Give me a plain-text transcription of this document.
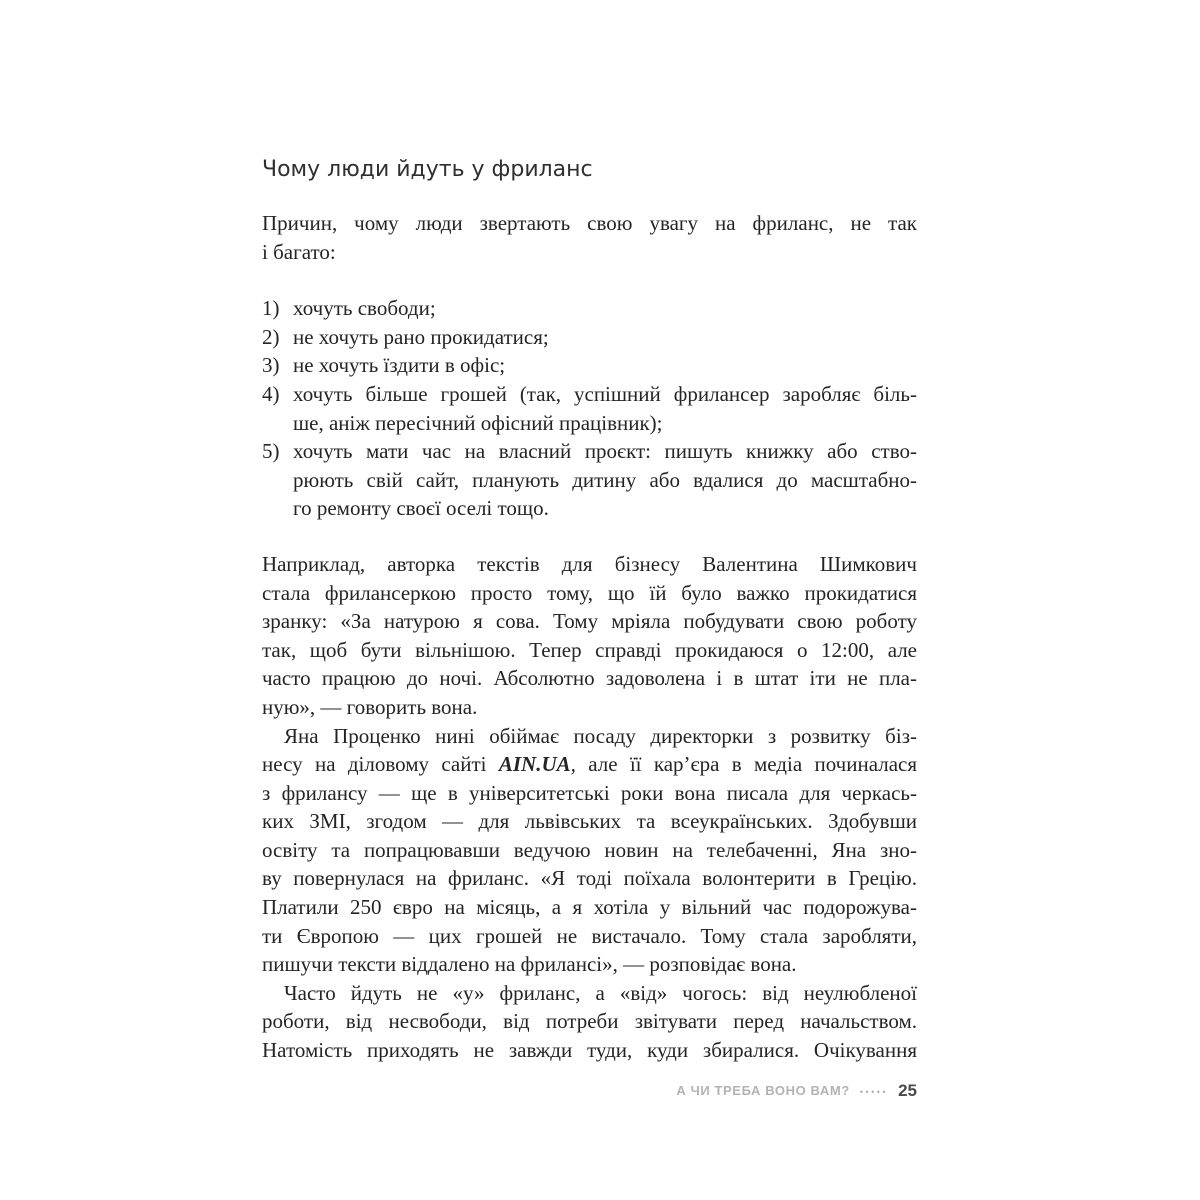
Чому люди йдуть у фриланс
Причин, чому люди звертають свою увагу на фриланс, не так
і багато:
1) хочуть свободи;
2) не хочуть рано прокидатися;
3) не хочуть їздити в офіс;
4) хочуть більше грошей (так, успішний фрилансер заробляє біль-
ше, аніж пересічний офісний працівник);
5) хочуть мати час на власний проєкт: пишуть книжку або ство-
рюють свій сайт, планують дитину або вдалися до масштабно-
го ремонту своєї оселі тощо.
Наприклад, авторка текстів для бізнесу Валентина Шимкович
стала фрилансеркою просто тому, що їй було важко прокидатися
зранку: «За натурою я сова. Тому мріяла побудувати свою роботу
так, щоб бути вільнішою. Тепер справді прокидаюся о 12:00, але
часто працюю до ночі. Абсолютно задоволена і в штат іти не пла-
ную», — говорить вона.
Яна Проценко нині обіймає посаду директорки з розвитку біз-
несу на діловому сайті AIN.UA, але її кар’єра в медіа починалася
з фрилансу — ще в університетські роки вона писала для черкась-
ких ЗМІ, згодом — для львівських та всеукраїнських. Здобувши
освіту та попрацювавши ведучою новин на телебаченні, Яна зно-
ву повернулася на фриланс. «Я тоді поїхала волонтерити в Грецію.
Платили 250 євро на місяць, а я хотіла у вільний час подорожува-
ти Європою — цих грошей не вистачало. Тому стала заробляти,
пишучи тексти віддалено на фрилансі», — розповідає вона.
Часто йдуть не «у» фриланс, а «від» чогось: від неулюбленої
роботи, від несвободи, від потреби звітувати перед начальством.
Натомість приходять не завжди туди, куди збиралися. Очікування
А ЧИ ТРЕБА ВОНО ВАМ? ••••• 25
